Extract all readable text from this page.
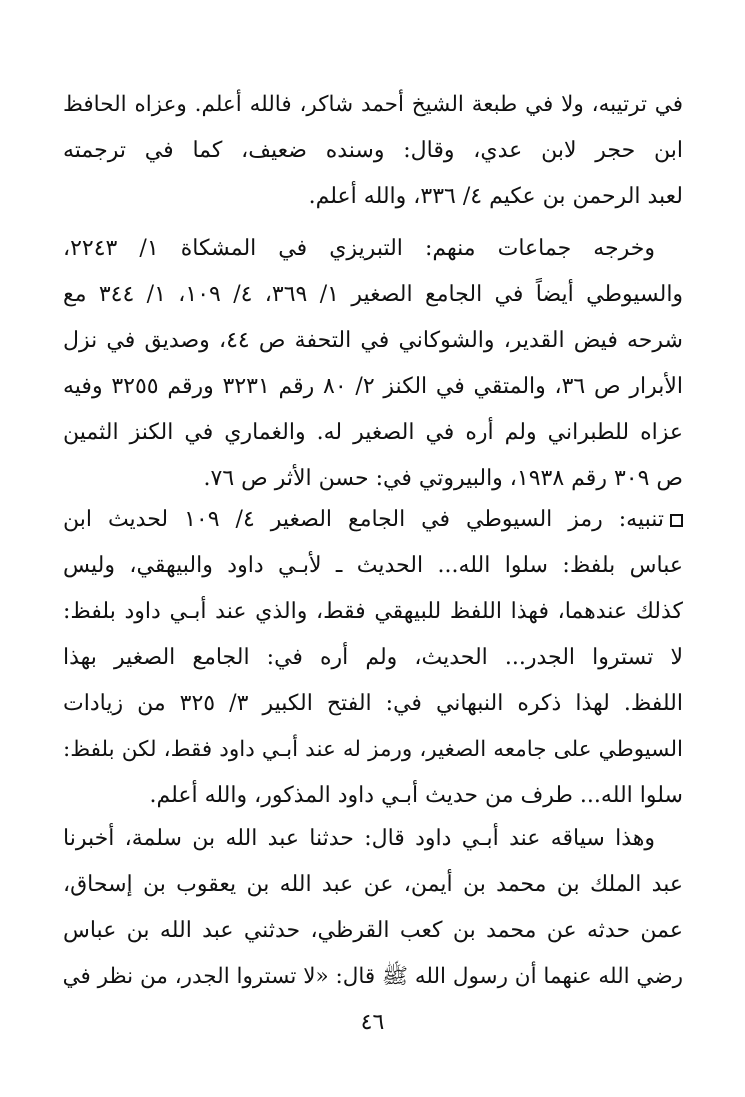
في ترتيبه، ولا في طبعة الشيخ أحمد شاكر، فالله أعلم. وعزاه الحافظ
ابن حجر لابن عدي، وقال: وسنده ضعيف، كما في ترجمته
لعبد الرحمن بن عكيم ٤/ ٣٣٦، والله أعلم.
وخرجه جماعات منهم: التبريزي في المشكاة ١/ ٢٢٤٣،
والسيوطي أيضاً في الجامع الصغير ١/ ٣٦٩، ٤/ ١٠٩، ١/ ٣٤٤ مع
شرحه فيض القدير، والشوكاني في التحفة ص ٤٤، وصديق في نزل
الأبرار ص ٣٦، والمتقي في الكنز ٢/ ٨٠ رقم ٣٢٣١ ورقم ٣٢٥٥ وفيه
عزاه للطبراني ولم أره في الصغير له. والغماري في الكنز الثمين
ص ٣٠٩ رقم ١٩٣٨، والبيروتي في: حسن الأثر ص ٧٦.
تنبيه: رمز السيوطي في الجامع الصغير ٤/ ١٠٩ لحديث ابن
عباس بلفظ: سلوا الله... الحديث ـ لأبـي داود والبيهقي، وليس
كذلك عندهما، فهذا اللفظ للبيهقي فقط، والذي عند أبـي داود بلفظ:
لا تستروا الجدر... الحديث، ولم أره في: الجامع الصغير بهذا
اللفظ. لهذا ذكره النبهاني في: الفتح الكبير ٣/ ٣٢٥ من زيادات
السيوطي على جامعه الصغير، ورمز له عند أبـي داود فقط، لكن بلفظ:
سلوا الله... طرف من حديث أبـي داود المذكور، والله أعلم.
وهذا سياقه عند أبـي داود قال: حدثنا عبد الله بن سلمة، أخبرنا
عبد الملك بن محمد بن أيمن، عن عبد الله بن يعقوب بن إسحاق،
عمن حدثه عن محمد بن كعب القرظي، حدثني عبد الله بن عباس
رضي الله عنهما أن رسول الله ﷺ قال: «لا تستروا الجدر، من نظر في
٤٦
